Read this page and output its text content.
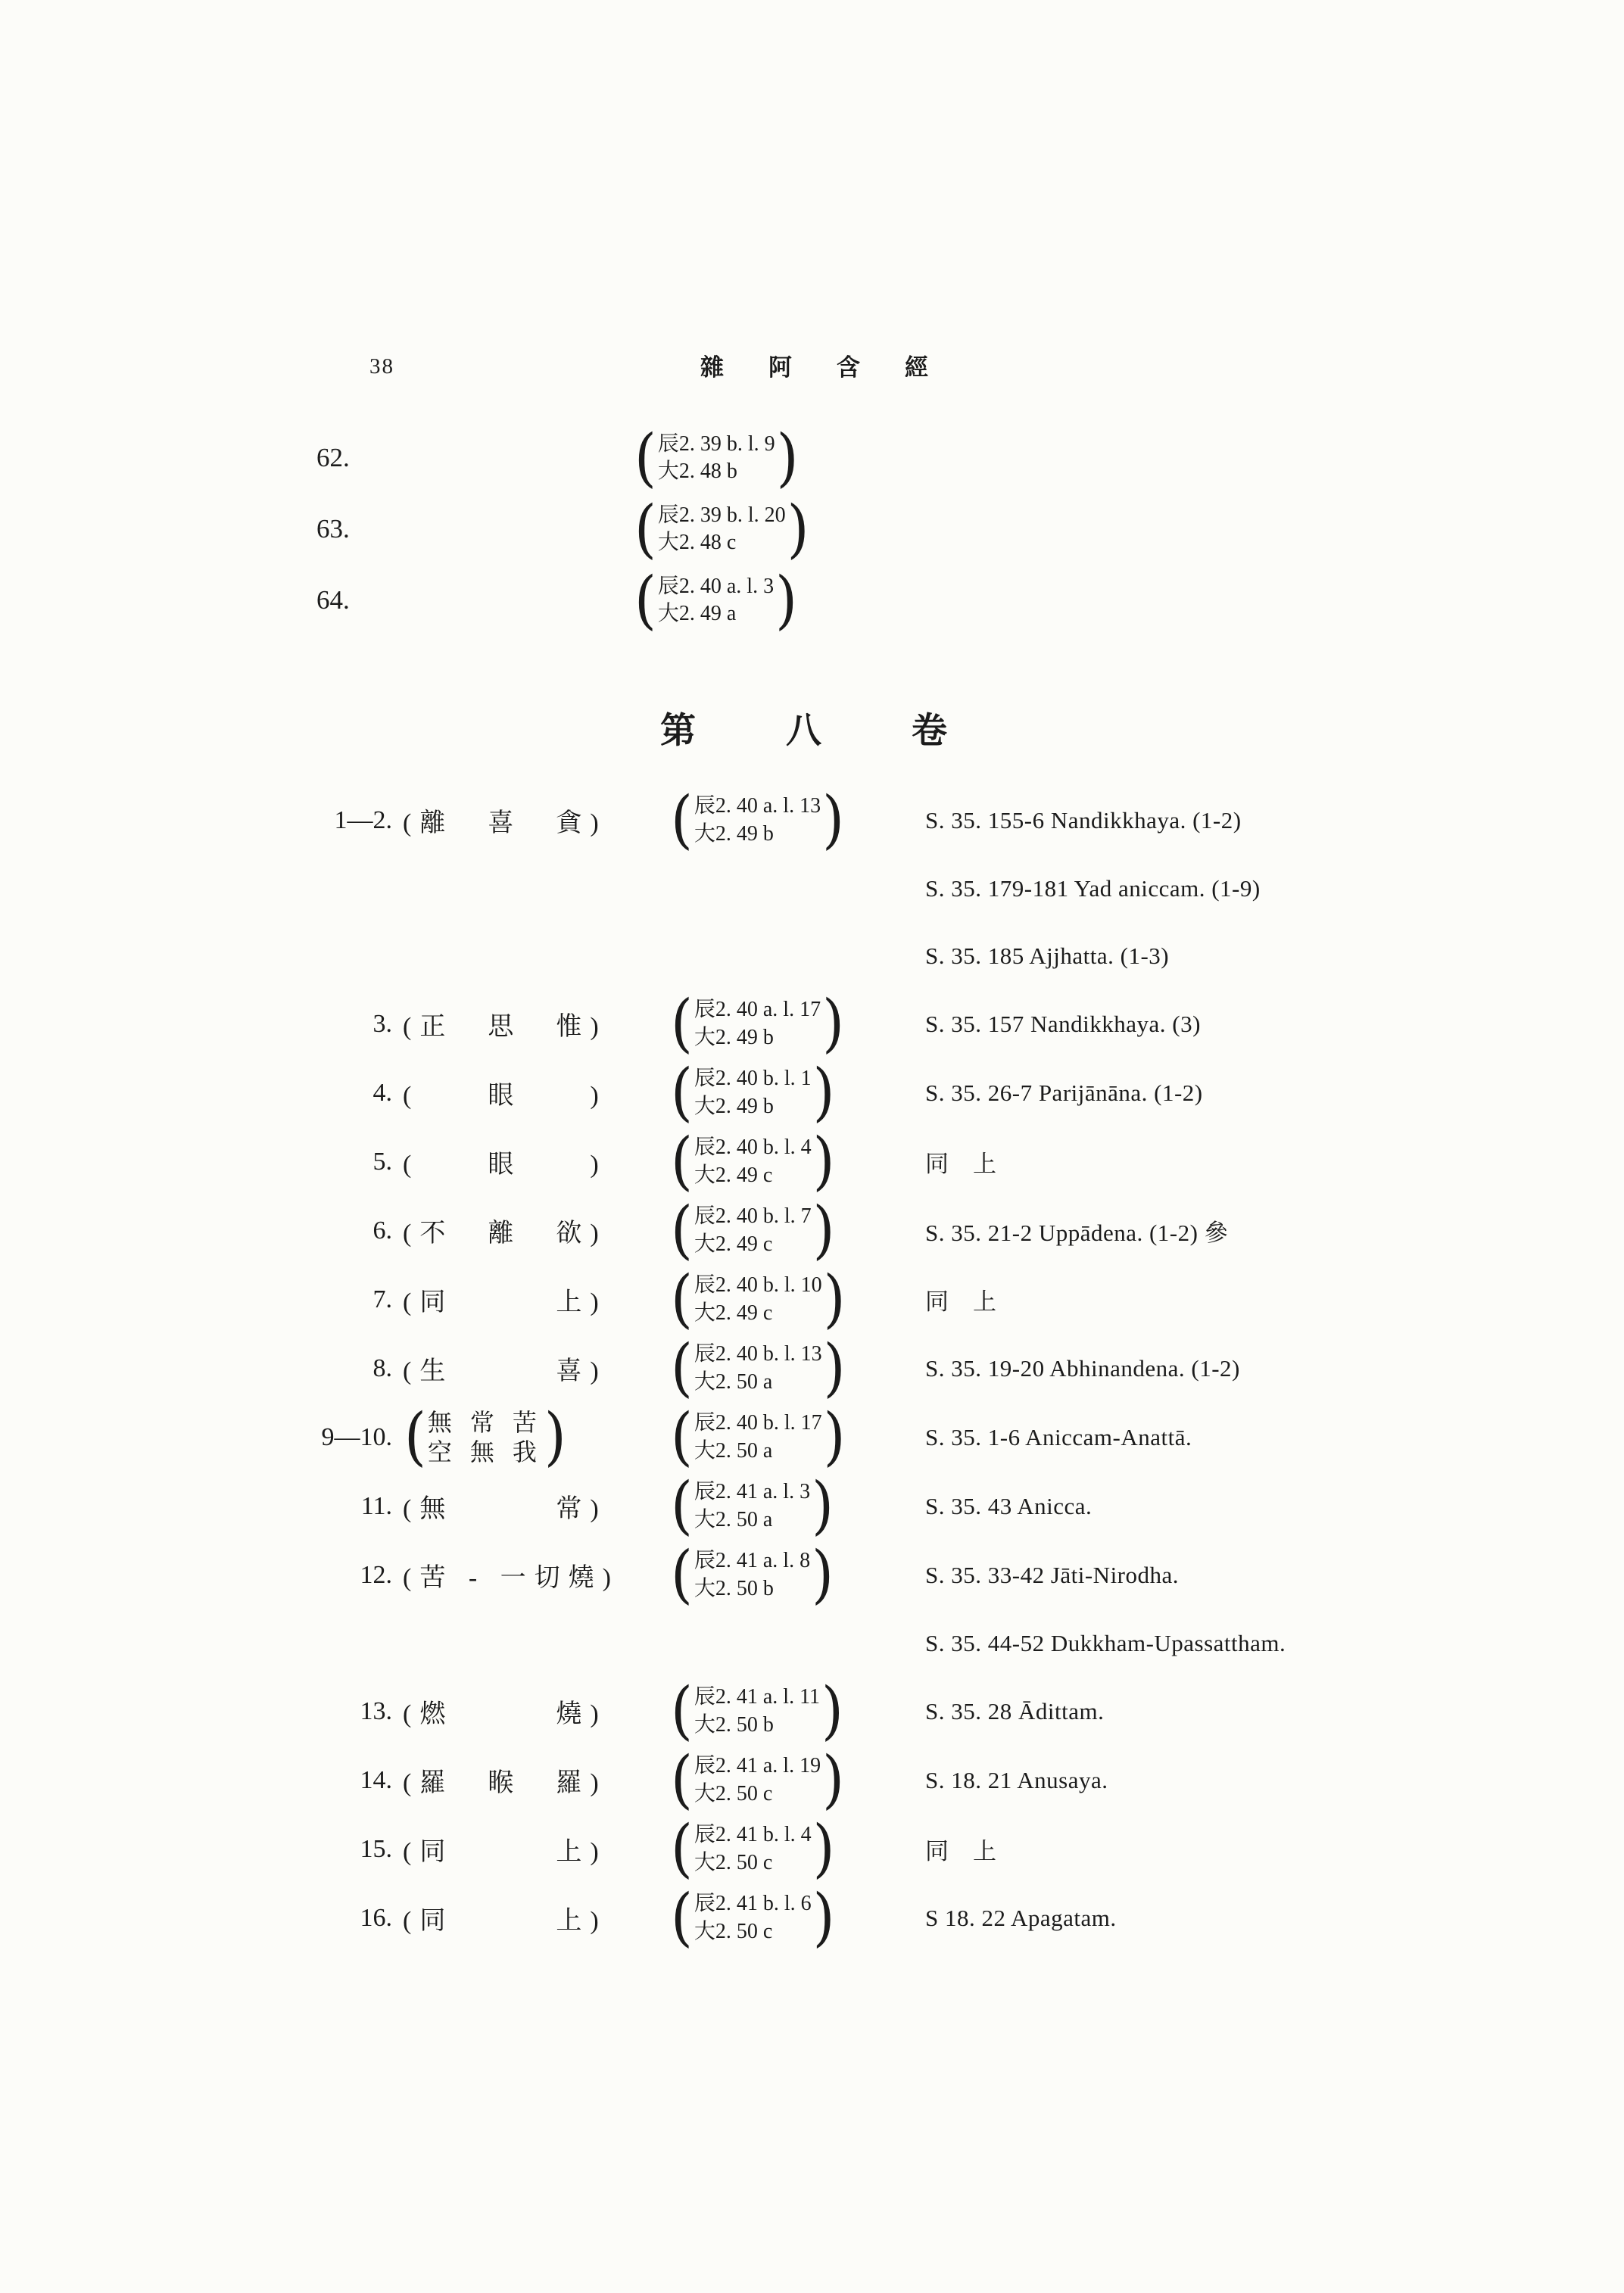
38	雜　阿　含　經
62.	( 辰2. 39 b. l. 9
大2. 48 b )
63.	( 辰2. 39 b. l. 20
大2. 48 c )
64.	( 辰2. 40 a. l. 3
大2. 49 a )
第　八　卷
1—2. (離　喜　貪)	( 辰2. 40 a. l. 13
大2. 49 b )	S. 35. 155-6 Nandikkhaya. (1-2)
S. 35. 179-181 Yad aniccam. (1-9)
S. 35. 185 Ajjhatta. (1-3)
3. (正　思　惟)	( 辰2. 40 a. l. 17
大2. 49 b )	S. 35. 157 Nandikkhaya. (3)
4. (　　眼　　)	( 辰2. 40 b. l. 1
大2. 49 b )	S. 35. 26-7 Parijānāna. (1-2)
5. (　　眼　　)	( 辰2. 40 b. l. 4
大2. 49 c )	同　上
6. (不　離　欲)	( 辰2. 40 b. l. 7
大2. 49 c )	S. 35. 21-2 Uppādena. (1-2) 參
7. (同　　　上)	( 辰2. 40 b. l. 10
大2. 49 c )	同　上
8. (生　　　喜)	( 辰2. 40 b. l. 13
大2. 50 a )	S. 35. 19-20 Abhinandena. (1-2)
9—10. ( 無 常 苦
空 無 我 ) ( 辰2. 40 b. l. 17
大2. 50 a )	S. 35. 1-6 Aniccam-Anattā.
11. (無　　　常)	( 辰2. 41 a. l. 3
大2. 50 a )	S. 35. 43 Anicca.
12. (苦 - 一切燒) ( 辰2. 41 a. l. 8
大2. 50 b )	S. 35. 33-42 Jāti-Nirodha.
S. 35. 44-52 Dukkham-Upassattham.
13. (燃　　　燒)	( 辰2. 41 a. l. 11
大2. 50 b )	S. 35. 28 Ādittam.
14. (羅　睺　羅)	( 辰2. 41 a. l. 19
大2. 50 c )	S. 18. 21 Anusaya.
15. (同　　　上)	( 辰2. 41 b. l. 4
大2. 50 c )	同　上
16. (同　　　上)	( 辰2. 41 b. l. 6
大2. 50 c )	S 18. 22 Apagatam.
